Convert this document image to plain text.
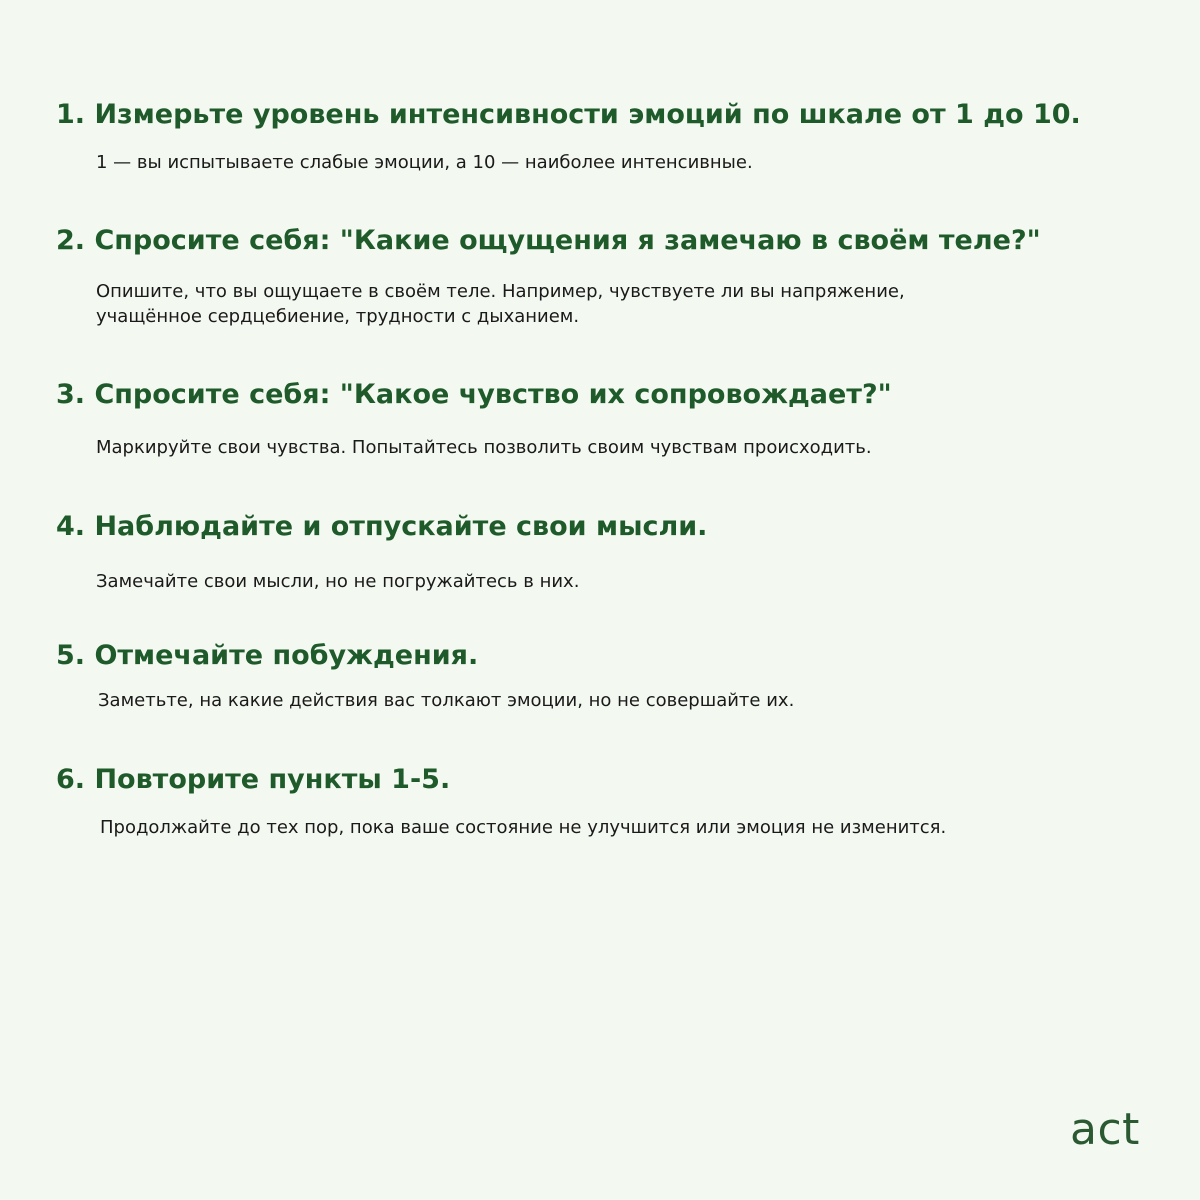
1. Измерьте уровень интенсивности эмоций по шкале от 1 до 10.

1 — вы испытываете слабые эмоции, а 10 — наиболее интенсивные.

2. Спросите себя: "Какие ощущения я замечаю в своём теле?"

Опишите, что вы ощущаете в своём теле. Например, чувствуете ли вы напряжение,

учащённое сердцебиение, трудности с дыханием.

3. Спросите себя: "Какое чувство их сопровождает?"

Маркируйте свои чувства. Попытайтесь позволить своим чувствам происходить.

4. Наблюдайте и отпускайте свои мысли.

Замечайте свои мысли, но не погружайтесь в них.

5. Отмечайте побуждения.

Заметьте, на какие действия вас толкают эмоции, но не совершайте их.

6. Повторите пункты 1-5.

Продолжайте до тех пор, пока ваше состояние не улучшится или эмоция не изменится.

act
